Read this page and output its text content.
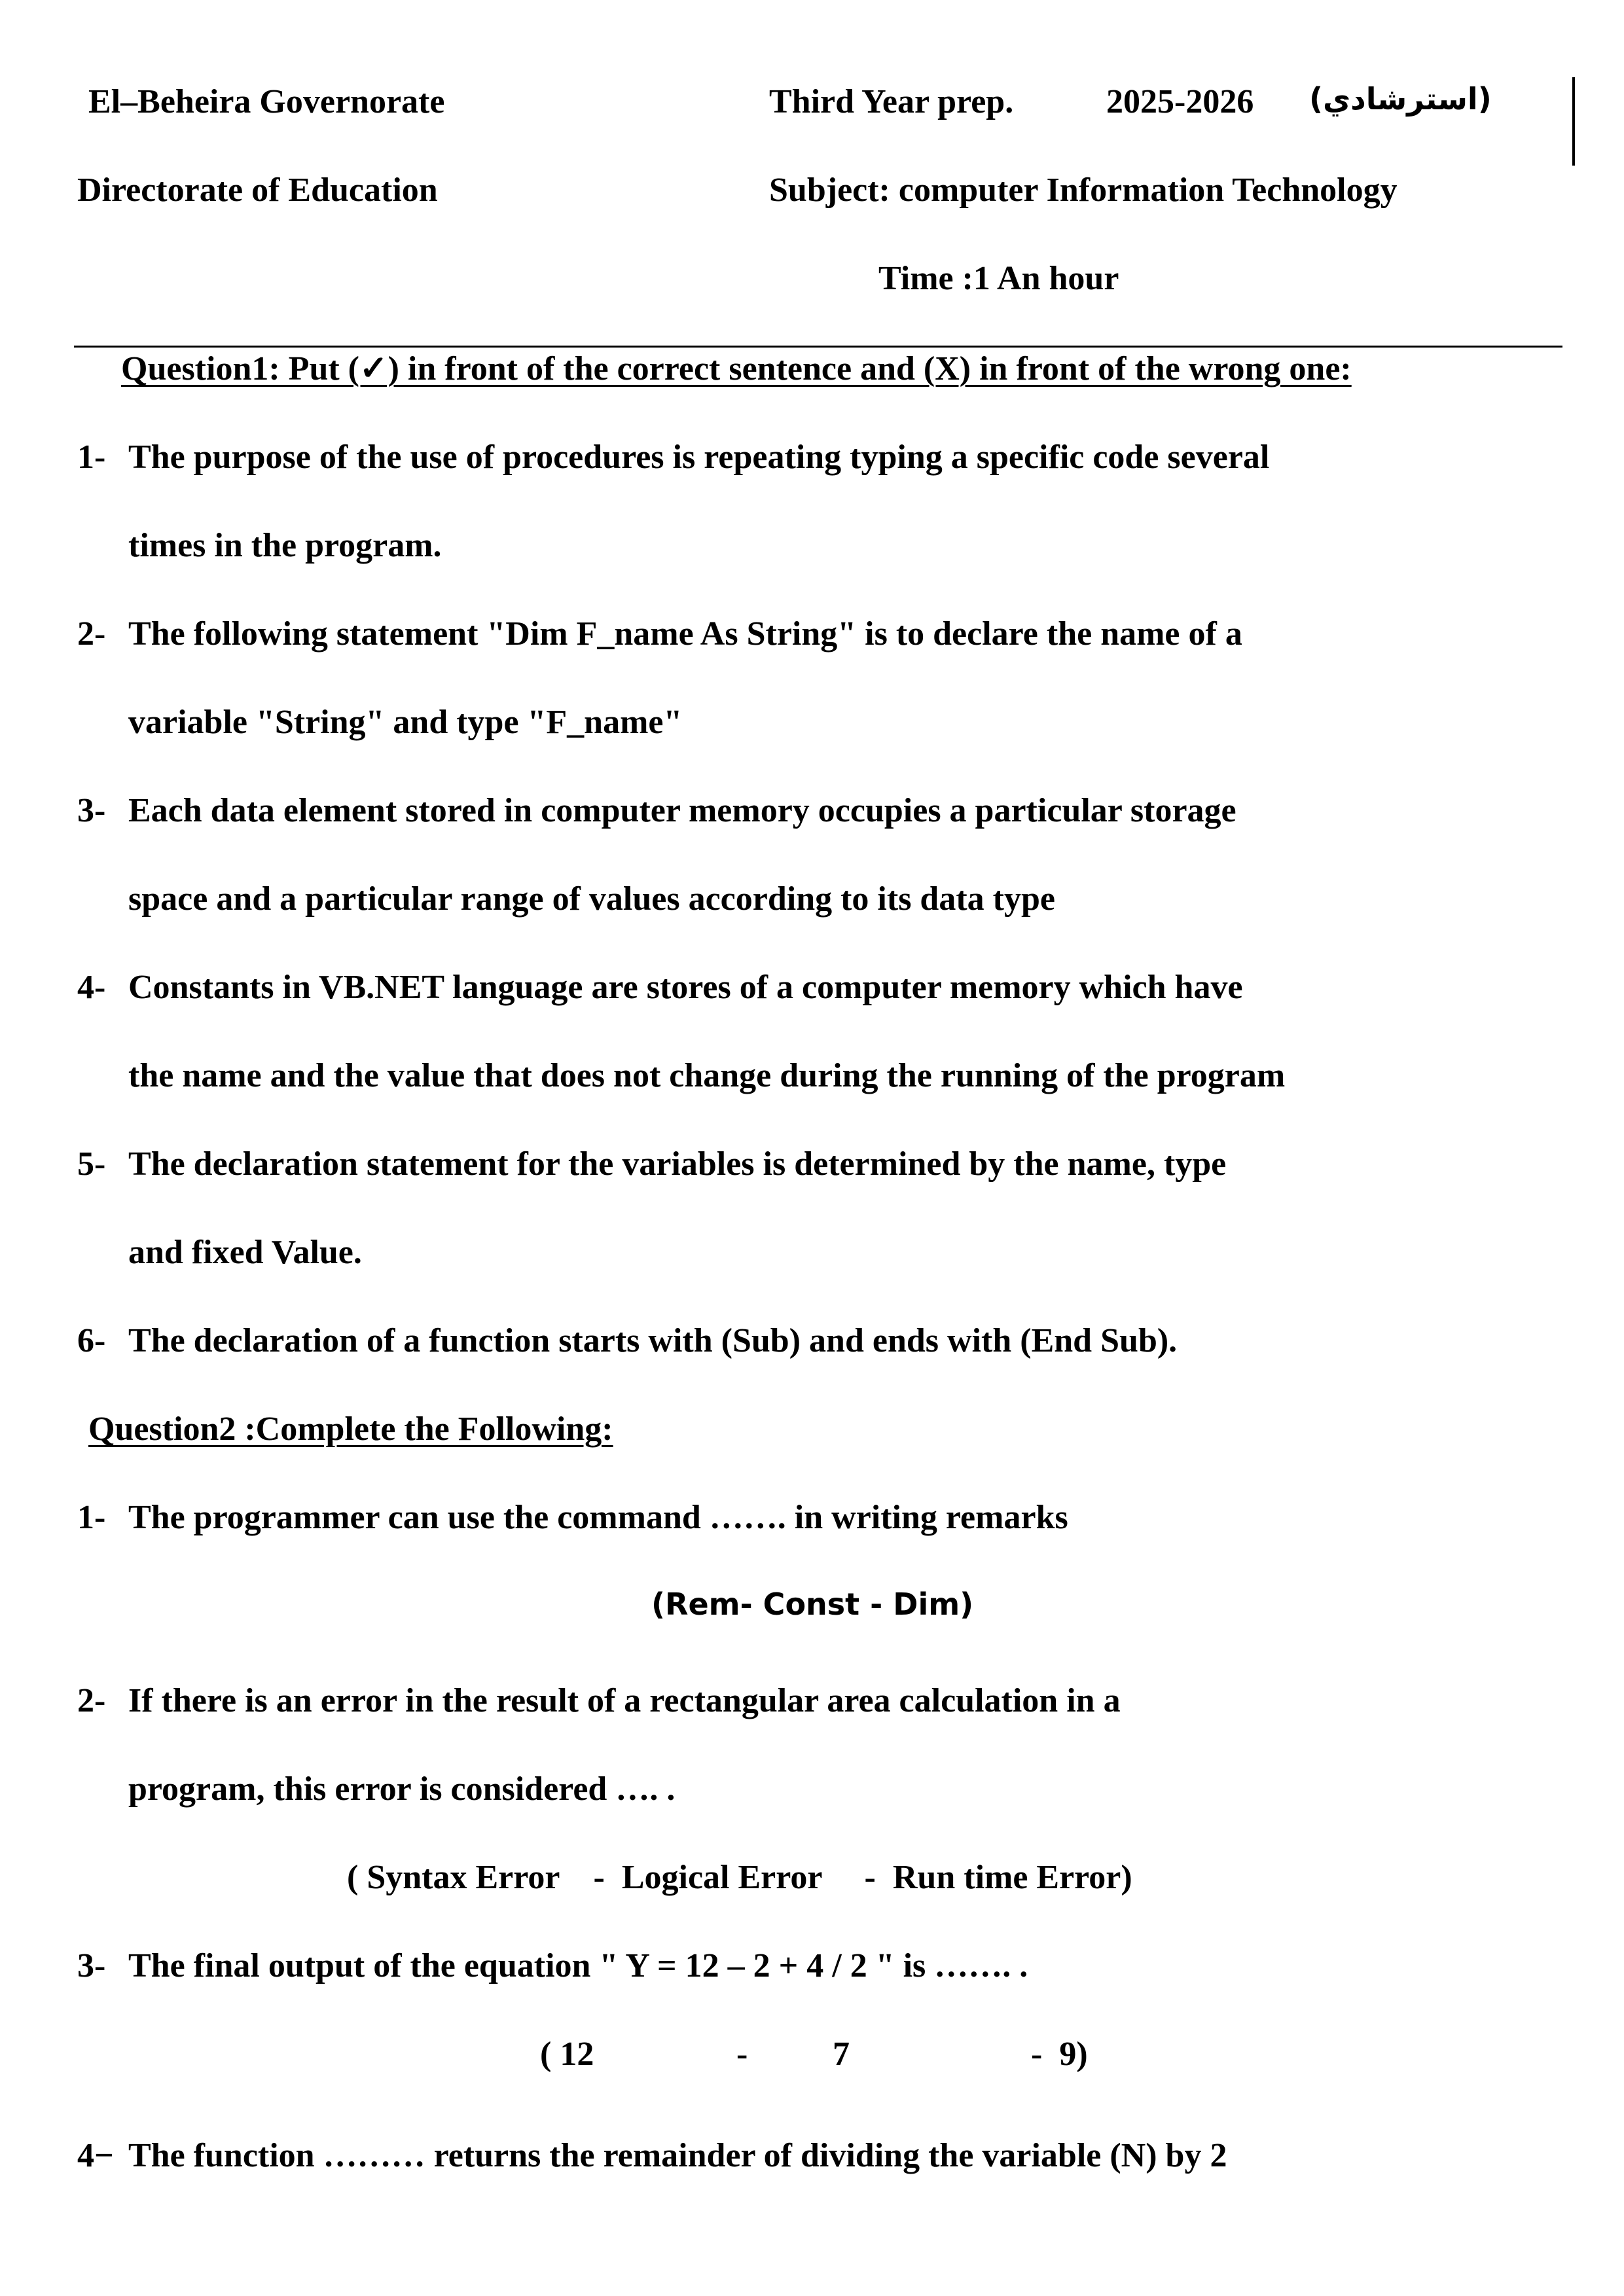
El–Beheira Governorate	Third Year prep.	2025-2026 (استرشادي)
Directorate of Education	Subject: computer Information Technology
Time :1 An hour
Question1: Put (✓) in front of the correct sentence and (X) in front of the wrong one:
1- The purpose of the use of procedures is repeating typing a specific code several
times in the program.
2- The following statement "Dim F_name As String" is to declare the name of a
variable "String" and type "F_name"
3- Each data element stored in computer memory occupies a particular storage
space and a particular range of values according to its data type
4- Constants in VB.NET language are stores of a computer memory which have
the name and the value that does not change during the running of the program
5- The declaration statement for the variables is determined by the name, type
and fixed Value.
6- The declaration of a function starts with (Sub) and ends with (End Sub).
Question2 :Complete the Following:
1- The programmer can use the command ……. in writing remarks
(Rem- Const - Dim)
2- If there is an error in the result of a rectangular area calculation in a
program, this error is considered …. .
( Syntax Error    -  Logical Error     -  Run time Error)
3- The final output of the equation " Y = 12 – 2 + 4 / 2 " is ……. .
( 12	- 7	-  9)
4− The function ……… returns the remainder of dividing the variable (N) by 2
